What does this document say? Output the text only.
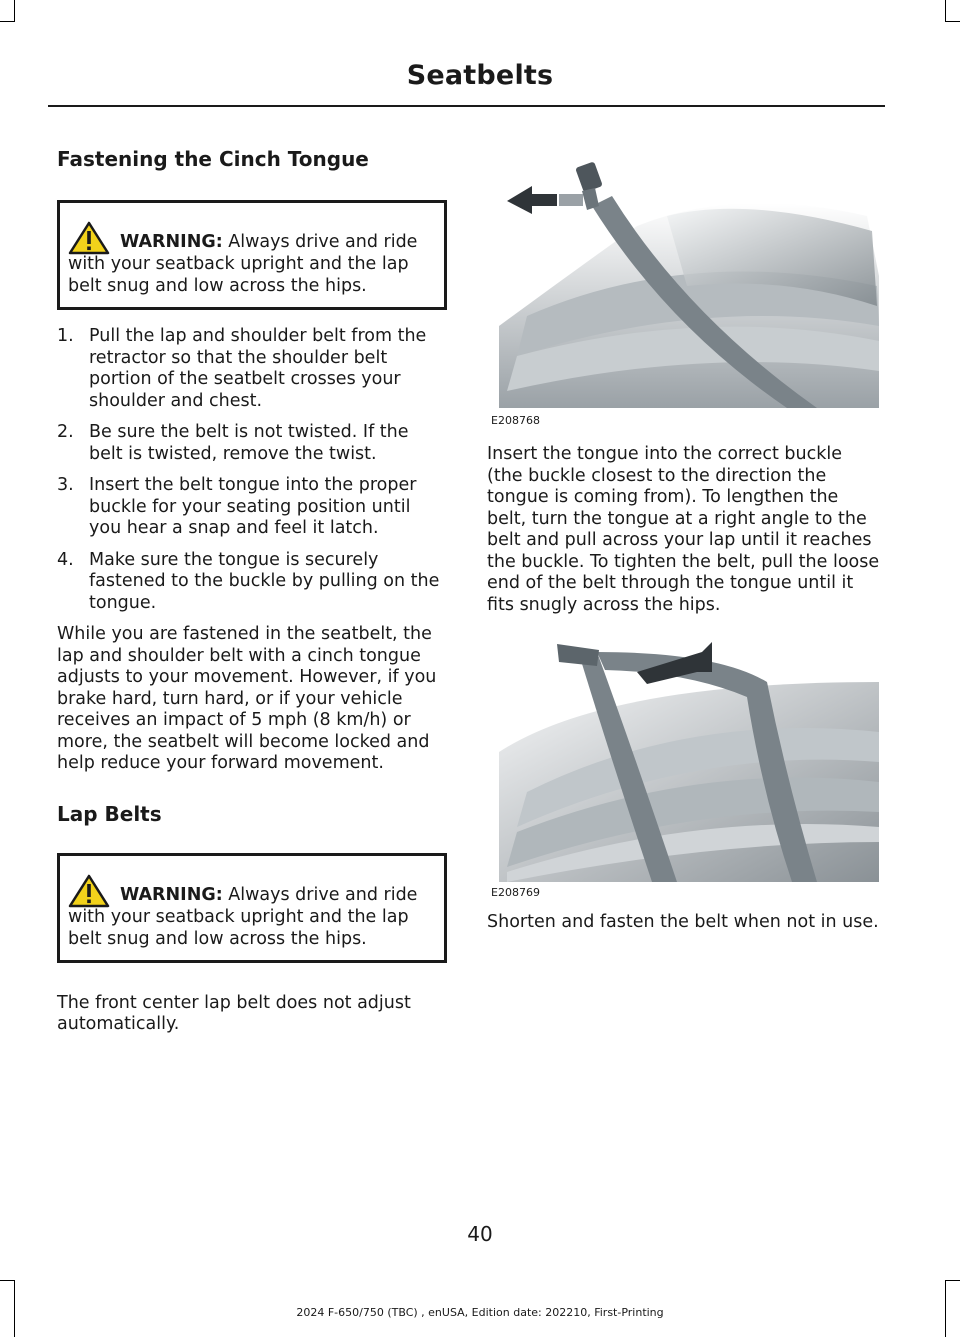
Seatbelts
Fastening the Cinch Tongue
WARNING: Always drive and ride
with your seatback upright and the lap belt snug and low across the hips.
1. Pull the lap and shoulder belt from the retractor so that the shoulder belt portion of the seatbelt crosses your shoulder and chest.
2. Be sure the belt is not twisted. If the belt is twisted, remove the twist.
3. Insert the belt tongue into the proper buckle for your seating position until you hear a snap and feel it latch.
4. Make sure the tongue is securely fastened to the buckle by pulling on the tongue.

While you are fastened in the seatbelt, the lap and shoulder belt with a cinch tongue adjusts to your movement. However, if you brake hard, turn hard, or if your vehicle receives an impact of 5 mph (8 km/h) or more, the seatbelt will become locked and help reduce your forward movement.

Lap Belts
WARNING: Always drive and ride
with your seatback upright and the lap belt snug and low across the hips.

The front center lap belt does not adjust automatically.

E208768

Insert the tongue into the correct buckle (the buckle closest to the direction the tongue is coming from). To lengthen the belt, turn the tongue at a right angle to the belt and pull across your lap until it reaches the buckle. To tighten the belt, pull the loose end of the belt through the tongue until it fits snugly across the hips.

E208769

Shorten and fasten the belt when not in use.

40
2024 F-650/750 (TBC) , enUSA, Edition date: 202210, First-Printing
